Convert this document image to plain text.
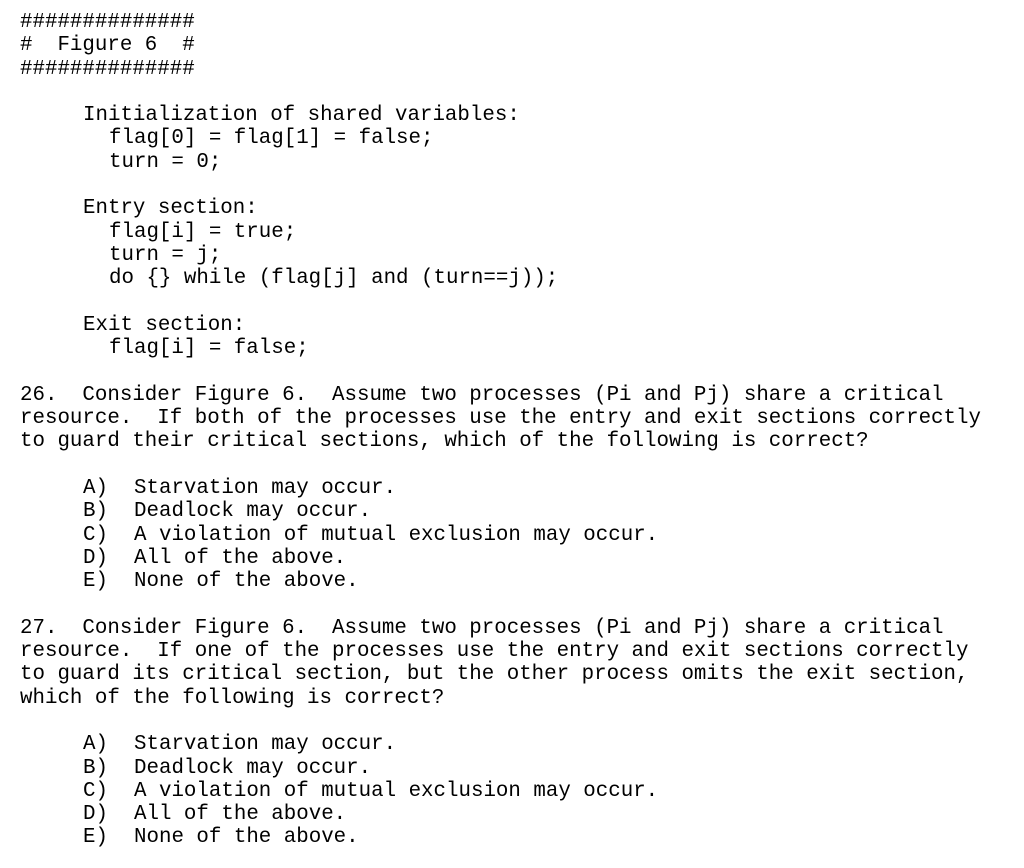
##############
#  Figure 6  #
##############
Initialization of shared variables:
flag[0] = flag[1] = false;
turn = 0;
Entry section:
flag[i] = true;
turn = j;
do {} while (flag[j] and (turn==j));
Exit section:
flag[i] = false;
26.  Consider Figure 6.  Assume two processes (Pi and Pj) share a critical
resource.  If both of the processes use the entry and exit sections correctly
to guard their critical sections, which of the following is correct?
A)	Starvation may occur.
B)	Deadlock may occur.
C)	A violation of mutual exclusion may occur.
D)	All of the above.
E)	None of the above.
27.  Consider Figure 6.  Assume two processes (Pi and Pj) share a critical
resource.  If one of the processes use the entry and exit sections correctly
to guard its critical section, but the other process omits the exit section,
which of the following is correct?
A)	Starvation may occur.
B)	Deadlock may occur.
C)	A violation of mutual exclusion may occur.
D)	All of the above.
E)	None of the above.
